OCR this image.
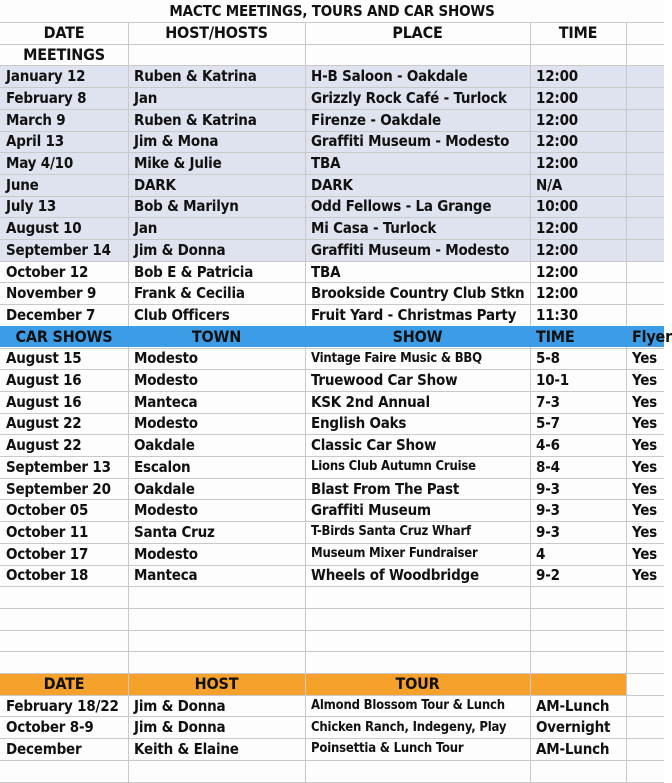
MACTC MEETINGS, TOURS AND CAR SHOWS
DATE	HOST/HOSTS	PLACE	TIME
MEETINGS
January 12	Ruben & Katrina	H-B Saloon - Oakdale	12:00
February 8	Jan	Grizzly Rock Café - Turlock	12:00
March 9	Ruben & Katrina	Firenze - Oakdale	12:00
April 13	Jim & Mona	Graffiti Museum - Modesto	12:00
May 4/10	Mike & Julie	TBA	12:00
June	DARK	DARK	N/A
July 13	Bob & Marilyn	Odd Fellows - La Grange	10:00
August 10	Jan	Mi Casa - Turlock	12:00
September 14	Jim & Donna	Graffiti Museum - Modesto	12:00
October 12	Bob E & Patricia	TBA	12:00
November 9	Frank & Cecilia	Brookside Country Club Stkn 12:00
December 7	Club Officers	Fruit Yard - Christmas Party	11:30
CAR SHOWS	TOWN	SHOW	TIME	Flyer
August 15	Modesto	Vintage Faire Music & BBQ	5-8	Yes
August 16	Modesto	Truewood Car Show	10-1	Yes
August 16	Manteca	KSK 2nd Annual	7-3	Yes
August 22	Modesto	English Oaks	5-7	Yes
August 22	Oakdale	Classic Car Show	4-6	Yes
September 13	Escalon	Lions Club Autumn Cruise	8-4	Yes
September 20	Oakdale	Blast From The Past	9-3	Yes
October 05	Modesto	Graffiti Museum	9-3	Yes
October 11	Santa Cruz	T-Birds Santa Cruz Wharf	9-3	Yes
October 17	Modesto	Museum Mixer Fundraiser	4	Yes
October 18	Manteca	Wheels of Woodbridge	9-2	Yes
DATE	HOST	TOUR
February 18/22	Jim & Donna	Almond Blossom Tour & Lunch	AM-Lunch
October 8-9	Jim & Donna	Chicken Ranch, Indegeny, Play	Overnight
December	Keith & Elaine	Poinsettia & Lunch Tour	AM-Lunch
